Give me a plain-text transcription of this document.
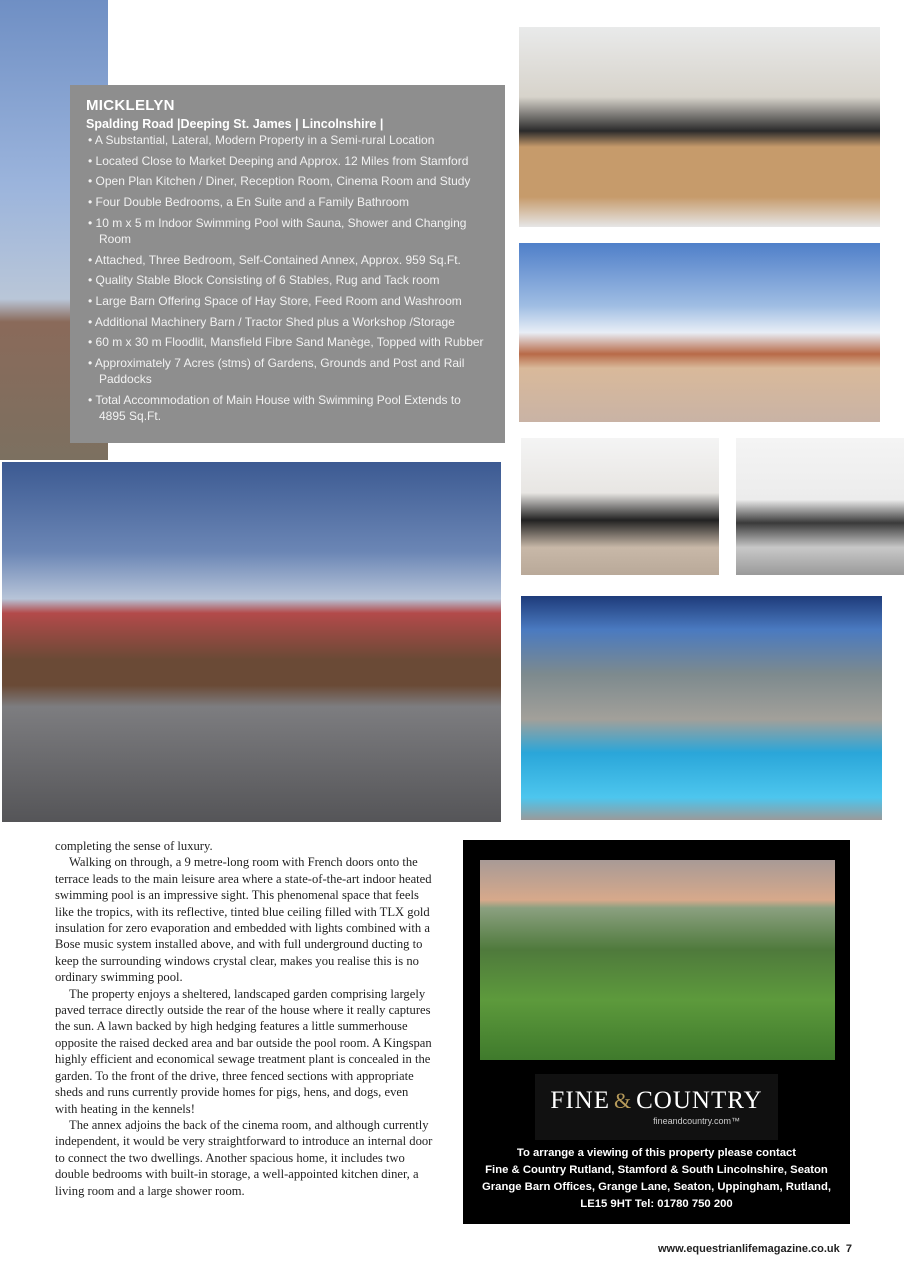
MICKLELYN
Spalding Road |Deeping St. James | Lincolnshire |
• A Substantial, Lateral, Modern Property in a Semi-rural Location
• Located Close to Market Deeping and Approx. 12 Miles from Stamford
• Open Plan Kitchen / Diner, Reception Room, Cinema Room and Study
• Four Double Bedrooms, a En Suite and a Family Bathroom
• 10 m x 5 m Indoor Swimming Pool with Sauna, Shower and Changing Room
• Attached, Three Bedroom, Self-Contained Annex, Approx. 959 Sq.Ft.
• Quality Stable Block Consisting of 6 Stables, Rug and Tack room
• Large Barn Offering Space of Hay Store, Feed Room and Washroom
• Additional Machinery Barn / Tractor Shed plus a Workshop /Storage
• 60 m x 30 m Floodlit, Mansfield Fibre Sand Manège, Topped with Rubber
• Approximately 7 Acres (stms) of Gardens, Grounds and Post and Rail Paddocks
• Total Accommodation of Main House with Swimming Pool Extends to 4895 Sq.Ft.

completing the sense of luxury.

Walking on through, a 9 metre-long room with French doors onto the terrace leads to the main leisure area where a state-of-the-art indoor heated swimming pool is an impressive sight. This phenomenal space that feels like the tropics, with its reflective, tinted blue ceiling filled with TLX gold insulation for zero evaporation and embedded with lights combined with a Bose music system installed above, and with full underground ducting to keep the surrounding windows crystal clear, makes you realise this is no ordinary swimming pool.

The property enjoys a sheltered, landscaped garden comprising largely paved terrace directly outside the rear of the house where it really captures the sun. A lawn backed by high hedging features a little summerhouse opposite the raised decked area and bar outside the pool room. A Kingspan highly efficient and economical sewage treatment plant is concealed in the garden. To the front of the drive, three fenced sections with appropriate sheds and runs currently provide homes for pigs, hens, and dogs, even with heating in the kennels!

The annex adjoins the back of the cinema room, and although currently independent, it would be very straightforward to introduce an internal door to connect the two dwellings. Another spacious home, it includes two double bedrooms with built-in storage, a well-appointed kitchen diner, a living room and a large shower room.

FINE & COUNTRY
fineandcountry.com™
To arrange a viewing of this property please contact
Fine & Country Rutland, Stamford & South Lincolnshire, Seaton
Grange Barn Offices, Grange Lane, Seaton, Uppingham, Rutland,
LE15 9HT Tel: 01780 750 200
www.equestrianlifemagazine.co.uk 7
